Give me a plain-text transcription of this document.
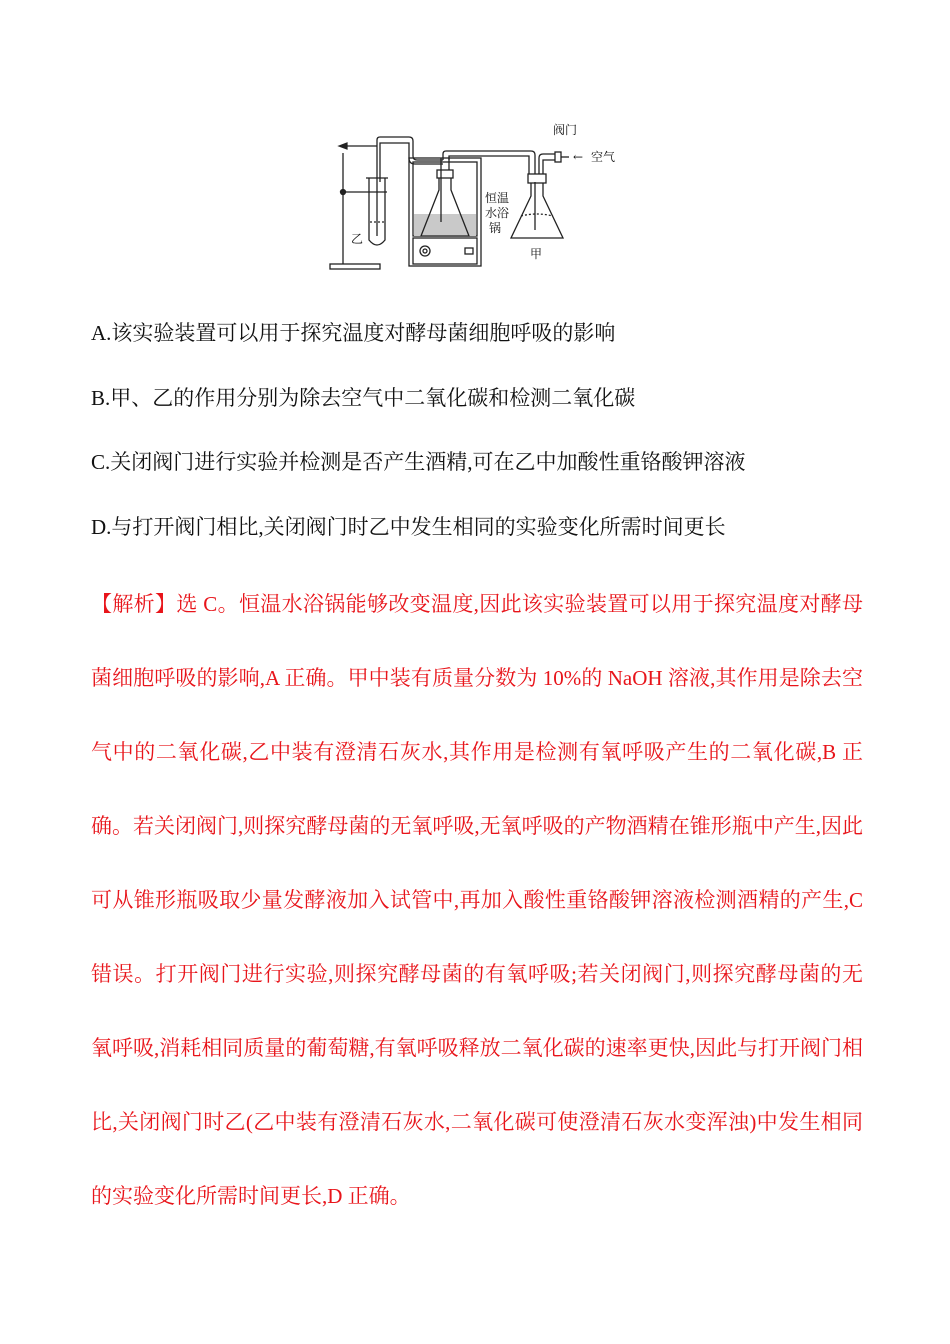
阀门
← 空气
恒温
水浴
锅
甲
乙
A.该实验装置可以用于探究温度对酵母菌细胞呼吸的影响
B.甲、乙的作用分别为除去空气中二氧化碳和检测二氧化碳
C.关闭阀门进行实验并检测是否产生酒精,可在乙中加酸性重铬酸钾溶液
D.与打开阀门相比,关闭阀门时乙中发生相同的实验变化所需时间更长
【解析】选 C。恒温水浴锅能够改变温度,因此该实验装置可以用于探究温度对酵母菌细胞呼吸的影响,A 正确。甲中装有质量分数为 10%的 NaOH 溶液,其作用是除去空气中的二氧化碳,乙中装有澄清石灰水,其作用是检测有氧呼吸产生的二氧化碳,B 正确。若关闭阀门,则探究酵母菌的无氧呼吸,无氧呼吸的产物酒精在锥形瓶中产生,因此可从锥形瓶吸取少量发酵液加入试管中,再加入酸性重铬酸钾溶液检测酒精的产生,C 错误。打开阀门进行实验,则探究酵母菌的有氧呼吸;若关闭阀门,则探究酵母菌的无氧呼吸,消耗相同质量的葡萄糖,有氧呼吸释放二氧化碳的速率更快,因此与打开阀门相比,关闭阀门时乙(乙中装有澄清石灰水,二氧化碳可使澄清石灰水变浑浊)中发生相同的实验变化所需时间更长,D 正确。
